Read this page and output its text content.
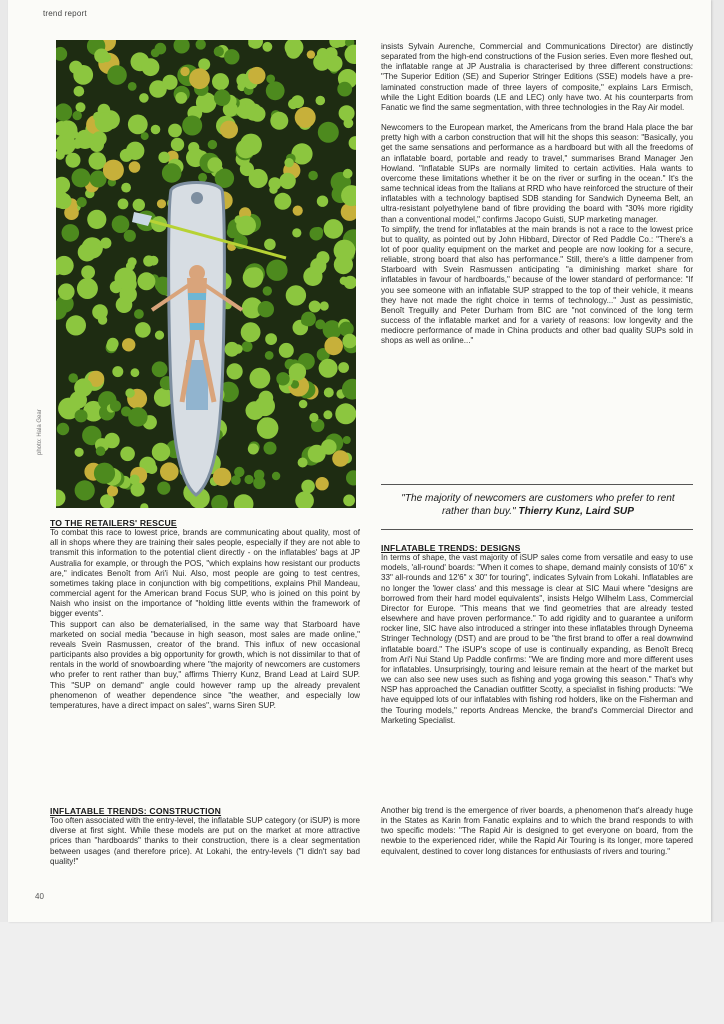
trend report
photo: Hala Gear

TO THE RETAILERS' RESCUE

To combat this race to lowest price, brands are communicating about quality, most of all in shops where they are training their sales people, especially if they are not able to transmit this information to the potential client directly - on the inflatables' bags at JP Australia for example, or through the POS, "which explains how resistant our products are," indicates Benoît from Ari'i Nui. Also, most people are going to test centres, sometimes taking place in conjunction with big competitions, explains Phil Mandeau, commercial agent for the American brand Focus SUP, who is joined on this point by Naish who insist on the importance of "holding little events within the framework of bigger events".

This support can also be dematerialised, in the same way that Starboard have marketed on social media "because in high season, most sales are made online," reveals Svein Rasmussen, creator of the brand. This influx of new occasional participants also provides a big opportunity for growth, which is not dissimilar to that of rentals in the world of snowboarding where "the majority of newcomers are customers who prefer to rent rather than buy," affirms Thierry Kunz, Brand Lead at Laird SUP. This "SUP on demand" angle could however ramp up the already prevalent phenomenon of weather dependence since "the weather, and especially low temperatures, have a direct impact on sales", warns Siren SUP.

INFLATABLE TRENDS: CONSTRUCTION

Too often associated with the entry-level, the inflatable SUP category (or iSUP) is more diverse at first sight. While these models are put on the market at more attractive prices than "hardboards" thanks to their construction, there is a clear segmentation between usages (and therefore price). At Lokahi, the entry-levels ("I didn't say bad quality!"

insists Sylvain Aurenche, Commercial and Communications Director) are distinctly separated from the high-end constructions of the Fusion series. Even more fleshed out, the inflatable range at JP Australia is characterised by three different constructions: "The Superior Edition (SE) and Superior Stringer Editions (SSE) models have a pre-laminated construction made of three layers of composite," explains Lars Ermisch, while the Light Edition boards (LE and LEC) only have two. At his counterparts from Fanatic we find the same segmentation, with three technologies in the Ray Air model.

Newcomers to the European market, the Americans from the brand Hala place the bar pretty high with a carbon construction that will hit the shops this season: "Basically, you get the same sensations and performance as a hardboard but with all the freedoms of an inflatable board, portable and ready to travel," summarises Brand Manager Jen Howland. "Inflatable SUPs are normally limited to certain activities. Hala wants to overcome these limitations whether it be on the river or surfing in the ocean." It's the same technical ideas from the Italians at RRD who have reinforced the structure of their inflatables with a technology baptised SDB standing for Sandwich Dyneema Belt, an ultra-resistant polyethylene band of fibre providing the board with "30% more rigidity than a conventional model," confirms Jacopo Guisti, SUP marketing manager.

To simplify, the trend for inflatables at the main brands is not a race to the lowest price but to quality, as pointed out by John Hibbard, Director of Red Paddle Co.: "There's a lot of poor quality equipment on the market and people are now looking for a secure, reliable, strong board that also has performance." Still, there's a little dampener from Starboard with Svein Rasmussen anticipating "a diminishing market share for inflatables in favour of hardboards," because of the lower standard of performance: "If you see someone with an inflatable SUP strapped to the top of their vehicle, it means they have not made the right choice in terms of technology..." Just as pessimistic, Benoît Treguilly and Peter Durham from BIC are "not convinced of the long term success of the inflatable market and for a variety of reasons: low longevity and the mediocre performance of made in China products and other bad quality SUPs sold in shops as well as online..."

"The majority of newcomers are customers who prefer to rent rather than buy." Thierry Kunz, Laird SUP

INFLATABLE TRENDS: DESIGNS

In terms of shape, the vast majority of iSUP sales come from versatile and easy to use models, 'all-round' boards: "When it comes to shape, demand mainly consists of 10'6" x 33" all-rounds and 12'6" x 30" for touring", indicates Sylvain from Lokahi. Inflatables are no longer the 'lower class' and this message is clear at SIC Maui where "designs are borrowed from their hard model equivalents", insists Helgo Wilhelm Lass, Commercial Director for Europe. "This means that we find geometries that are already tested elsewhere and have proven performance." To add rigidity and to guarantee a uniform rocker line, SIC have also introduced a stringer into these inflatables through Dyneema Stringer Technology (DST) and are proud to be "the first brand to offer a real downwind inflatable board." The iSUP's scope of use is continually expanding, as Benoît Brecq from Ari'i Nui Stand Up Paddle confirms: "We are finding more and more different uses for inflatables. Unsurprisingly, touring and leisure remain at the heart of the market but we can also see new uses such as fishing and yoga growing this season." That's why NSP has approached the Canadian outfitter Scotty, a specialist in fishing products: "We have equipped lots of our inflatables with fishing rod holders, like on the Fisherman and the Touring models," reports Andreas Mencke, the brand's Commercial Director and Marketing Specialist.

Another big trend is the emergence of river boards, a phenomenon that's already huge in the States as Karin from Fanatic explains and to which the brand responds to with two specific models: "The Rapid Air is designed to get everyone on board, from the newbie to the experienced rider, while the Rapid Air Touring is its longer, more tapered equivalent, destined to cover long distances for enthusiasts of rivers and touring."

40
